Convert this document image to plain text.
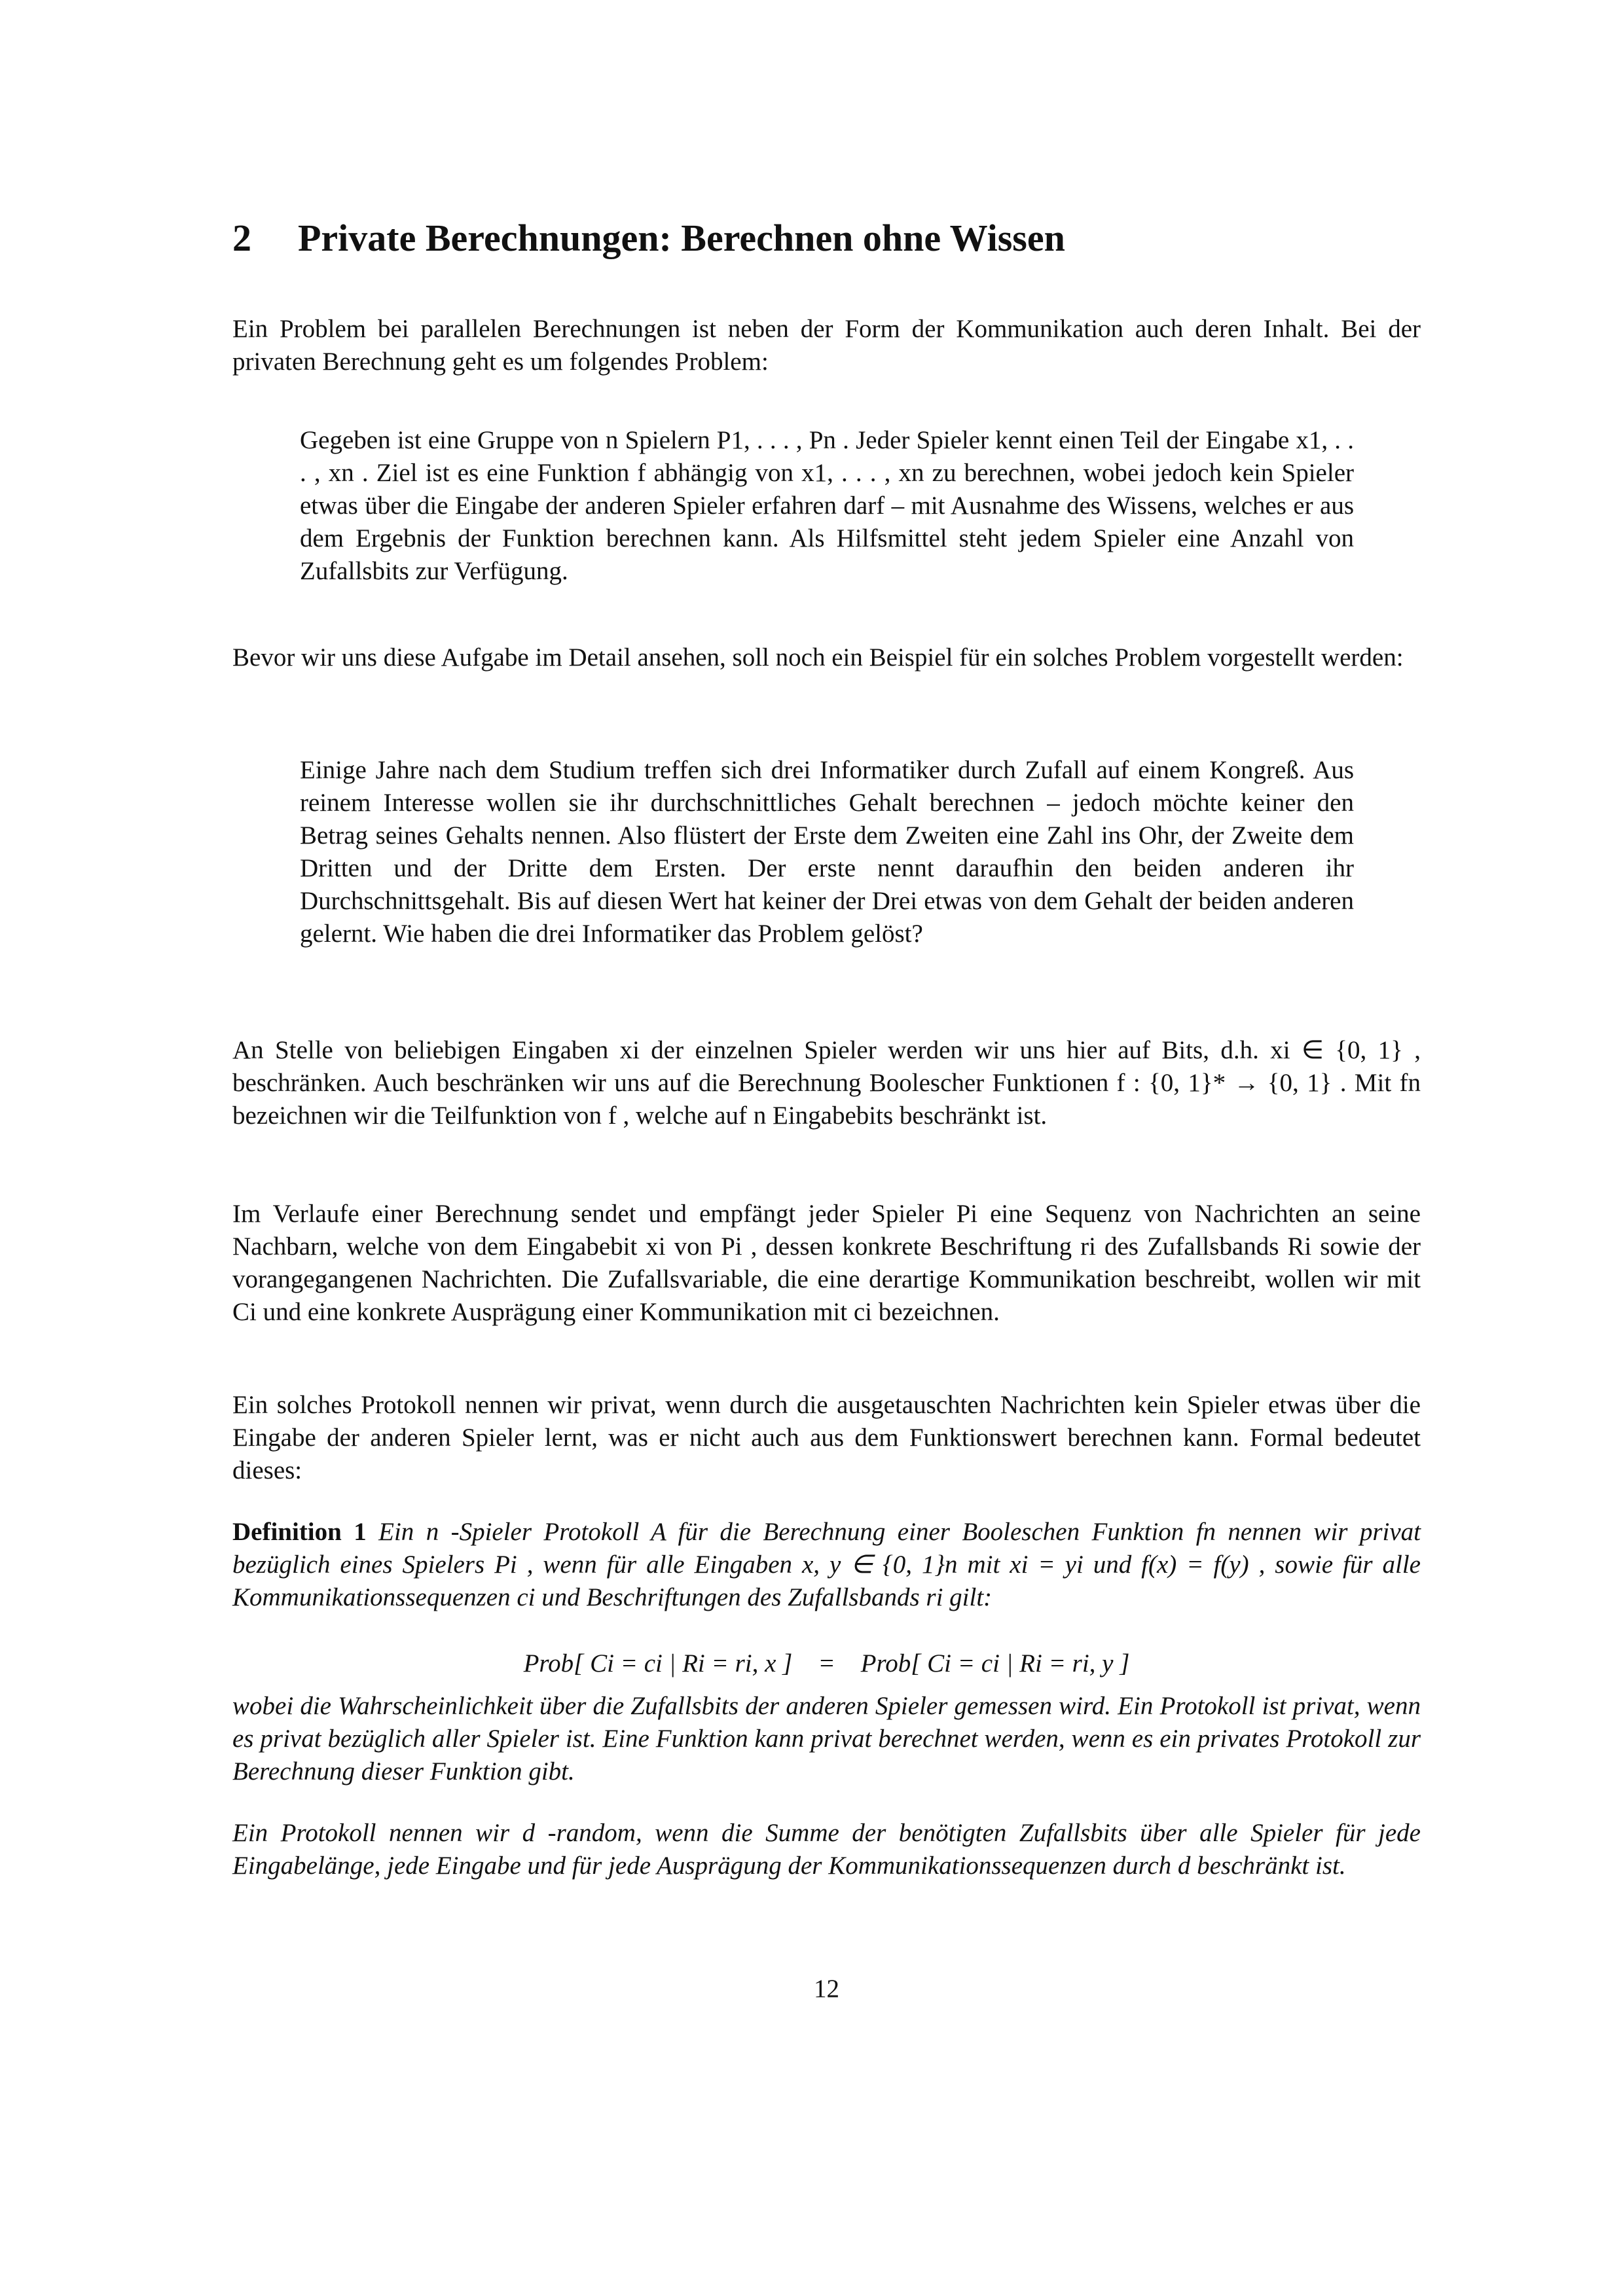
2 Private Berechnungen: Berechnen ohne Wissen
Ein Problem bei parallelen Berechnungen ist neben der Form der Kommunikation auch deren Inhalt. Bei der privaten Berechnung geht es um folgendes Problem:
Gegeben ist eine Gruppe von n Spielern P1, . . . , Pn . Jeder Spieler kennt einen Teil der Eingabe x1, . . . , xn . Ziel ist es eine Funktion f abhängig von x1, . . . , xn zu berechnen, wobei jedoch kein Spieler etwas über die Eingabe der anderen Spieler erfahren darf – mit Ausnahme des Wissens, welches er aus dem Ergebnis der Funktion berechnen kann. Als Hilfsmittel steht jedem Spieler eine Anzahl von Zufallsbits zur Verfügung.
Bevor wir uns diese Aufgabe im Detail ansehen, soll noch ein Beispiel für ein solches Problem vorgestellt werden:
Einige Jahre nach dem Studium treffen sich drei Informatiker durch Zufall auf einem Kongreß. Aus reinem Interesse wollen sie ihr durchschnittliches Gehalt berechnen – jedoch möchte keiner den Betrag seines Gehalts nennen. Also flüstert der Erste dem Zweiten eine Zahl ins Ohr, der Zweite dem Dritten und der Dritte dem Ersten. Der erste nennt daraufhin den beiden anderen ihr Durchschnittsgehalt. Bis auf diesen Wert hat keiner der Drei etwas von dem Gehalt der beiden anderen gelernt. Wie haben die drei Informatiker das Problem gelöst?
An Stelle von beliebigen Eingaben xi der einzelnen Spieler werden wir uns hier auf Bits, d.h. xi ∈ {0, 1} , beschränken. Auch beschränken wir uns auf die Berechnung Boolescher Funktionen f : {0, 1}* → {0, 1} . Mit fn bezeichnen wir die Teilfunktion von f , welche auf n Eingabebits beschränkt ist.
Im Verlaufe einer Berechnung sendet und empfängt jeder Spieler Pi eine Sequenz von Nachrichten an seine Nachbarn, welche von dem Eingabebit xi von Pi , dessen konkrete Beschriftung ri des Zufallsbands Ri sowie der vorangegangenen Nachrichten. Die Zufallsvariable, die eine derartige Kommunikation beschreibt, wollen wir mit Ci und eine konkrete Ausprägung einer Kommunikation mit ci bezeichnen.
Ein solches Protokoll nennen wir privat, wenn durch die ausgetauschten Nachrichten kein Spieler etwas über die Eingabe der anderen Spieler lernt, was er nicht auch aus dem Funktionswert berechnen kann. Formal bedeutet dieses:
Definition 1 Ein n -Spieler Protokoll A für die Berechnung einer Booleschen Funktion fn nennen wir privat bezüglich eines Spielers Pi , wenn für alle Eingaben x, y ∈ {0, 1}n mit xi = yi und f(x) = f(y) , sowie für alle Kommunikationssequenzen ci und Beschriftungen des Zufallsbands ri gilt:
Prob[ Ci = ci | Ri = ri, x ]    =    Prob[ Ci = ci | Ri = ri, y ]
wobei die Wahrscheinlichkeit über die Zufallsbits der anderen Spieler gemessen wird. Ein Protokoll ist privat, wenn es privat bezüglich aller Spieler ist. Eine Funktion kann privat berechnet werden, wenn es ein privates Protokoll zur Berechnung dieser Funktion gibt.
Ein Protokoll nennen wir d -random, wenn die Summe der benötigten Zufallsbits über alle Spieler für jede Eingabelänge, jede Eingabe und für jede Ausprägung der Kommunikationssequenzen durch d beschränkt ist.
12
